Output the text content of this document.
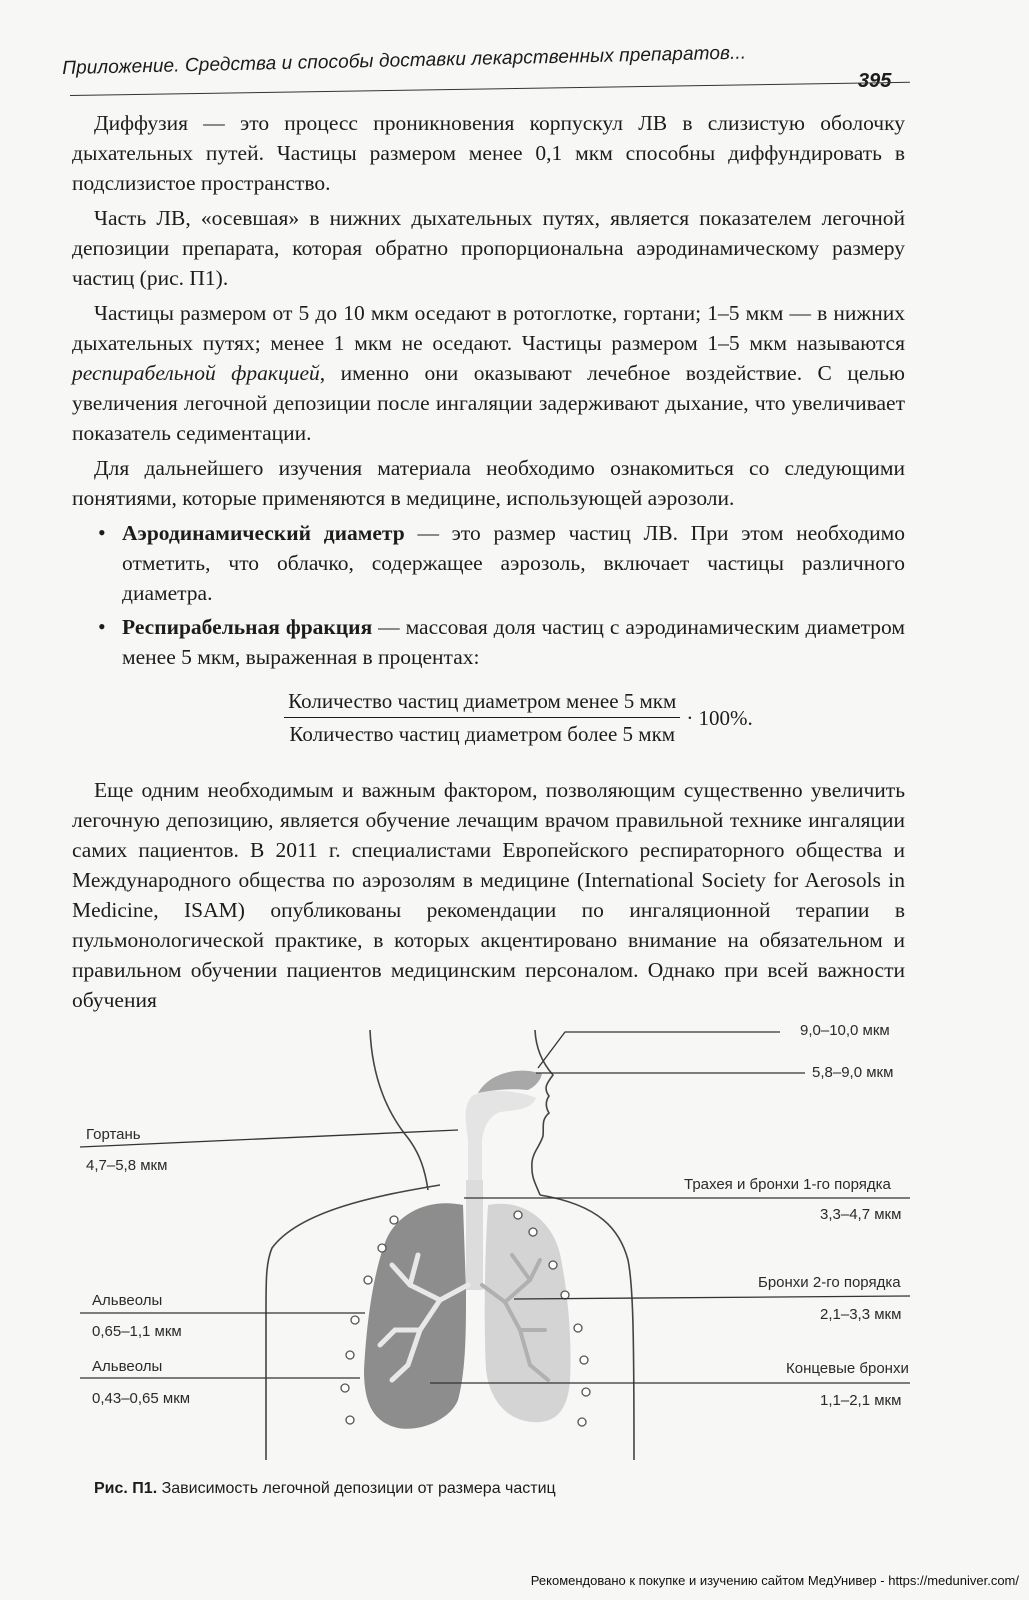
Приложение. Средства и способы доставки лекарственных препаратов...
395

Диффузия — это процесс проникновения корпускул ЛВ в слизистую оболочку дыхательных путей. Частицы размером менее 0,1 мкм способны диффундировать в подслизистое пространство.

Часть ЛВ, «осевшая» в нижних дыхательных путях, является показателем легочной депозиции препарата, которая обратно пропорциональна аэродинамическому размеру частиц (рис. П1).

Частицы размером от 5 до 10 мкм оседают в ротоглотке, гортани; 1–5 мкм — в нижних дыхательных путях; менее 1 мкм не оседают. Частицы размером 1–5 мкм называются респирабельной фракцией, именно они оказывают лечебное воздействие. С целью увеличения легочной депозиции после ингаляции задерживают дыхание, что увеличивает показатель седиментации.

Для дальнейшего изучения материала необходимо ознакомиться со следующими понятиями, которые применяются в медицине, использующей аэрозоли.

• Аэродинамический диаметр — это размер частиц ЛВ. При этом необходимо отметить, что облачко, содержащее аэрозоль, включает частицы различного диаметра.
• Респирабельная фракция — массовая доля частиц с аэродинамическим диаметром менее 5 мкм, выраженная в процентах:
$\frac{\text{Количество частиц диаметром менее 5 мкм}}{\text{Количество частиц диаметром более 5 мкм}} \cdot 100\%$.

Еще одним необходимым и важным фактором, позволяющим существенно увеличить легочную депозицию, является обучение лечащим врачом правильной технике ингаляции самих пациентов. В 2011 г. специалистами Европейского респираторного общества и Международного общества по аэрозолям в медицине (International Society for Aerosols in Medicine, ISAM) опубликованы рекомендации по ингаляционной терапии в пульмонологической практике, в которых акцентировано внимание на обязательном и правильном обучении пациентов медицинским персоналом. Однако при всей важности обучения

9,0–10,0 мкм
5,8–9,0 мкм
Гортань
4,7–5,8 мкм
Трахея и бронхи 1-го порядка
3,3–4,7 мкм
Бронхи 2-го порядка
2,1–3,3 мкм
Альвеолы
0,65–1,1 мкм
Альвеолы
0,43–0,65 мкм
Концевые бронхи
1,1–2,1 мкм
Рис. П1. Зависимость легочной депозиции от размера частиц
Рекомендовано к покупке и изучению сайтом МедУнивер - https://meduniver.com/
